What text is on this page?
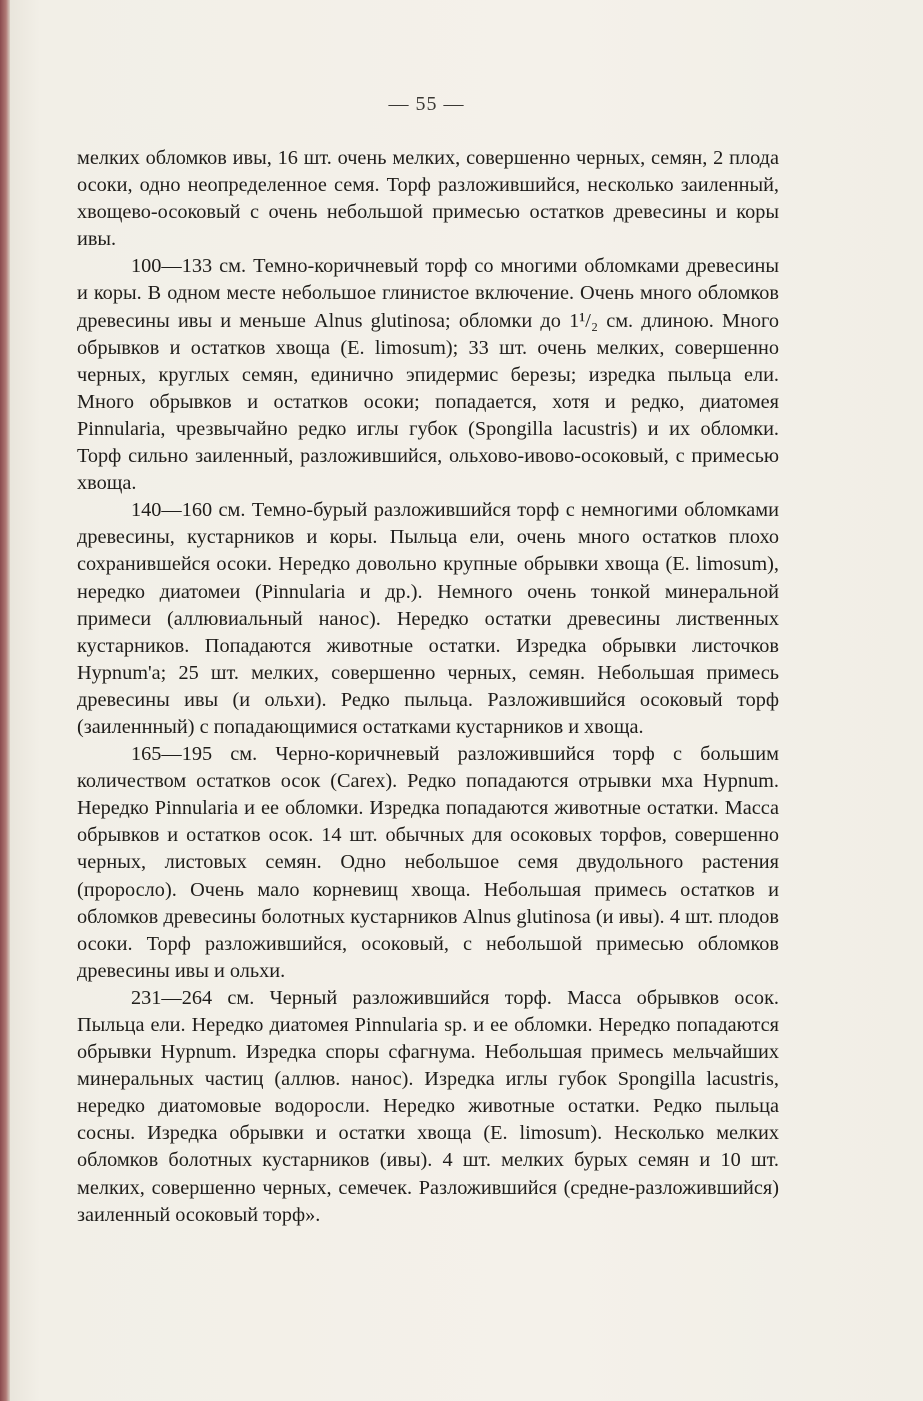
— 55 —

мелких обломков ивы, 16 шт. очень мелких, совершенно черных, семян, 2 плода осоки, одно неопределенное семя. Торф разложившийся, несколько заиленный, хвощево-осоковый с очень небольшой примесью остатков древесины и коры ивы.

100—133 см. Темно-коричневый торф со многими обломками древесины и коры. В одном месте небольшое глинистое включение. Очень много обломков древесины ивы и меньше Alnus glutinosa; обломки до 1¹/₂ см. длиною. Много обрывков и остатков хвоща (E. limosum); 33 шт. очень мелких, совершенно черных, круглых семян, единично эпидермис березы; изредка пыльца ели. Много обрывков и остатков осоки; попадается, хотя и редко, диатомея Pinnularia, чрезвычайно редко иглы губок (Spongilla lacustris) и их обломки. Торф сильно заиленный, разложившийся, ольховo-ивово-осоковый, с примесью хвоща.

140—160 см. Темно-бурый разложившийся торф с немногими обломками древесины, кустарников и коры. Пыльца ели, очень много остатков плохо сохранившейся осоки. Нередко довольно крупные обрывки хвоща (E. limosum), нередко диатомеи (Pinnularia и др.). Немного очень тонкой минеральной примеси (аллювиальный нанос). Нередко остатки древесины лиственных кустарников. Попадаются животные остатки. Изредка обрывки листочков Hypnum'a; 25 шт. мелких, совершенно черных, семян. Небольшая примесь древесины ивы (и ольхи). Редко пыльца. Разложившийся осоковый торф (заиленнный) с попадающимися остатками кустарников и хвоща.

165—195 см. Черно-коричневый разложившийся торф с большим количеством остатков осок (Carex). Редко попадаются отрывки мха Hypnum. Нередко Pinnularia и ее обломки. Изредка попадаются животные остатки. Масса обрывков и остатков осок. 14 шт. обычных для осоковых торфов, совершенно черных, листовых семян. Одно небольшое семя двудольного растения (проросло). Очень мало корневищ хвоща. Небольшая примесь остатков и обломков древесины болотных кустарников Alnus glutinosa (и ивы). 4 шт. плодов осоки. Торф разложившийся, осоковый, с небольшой примесью обломков древесины ивы и ольхи.

231—264 см. Черный разложившийся торф. Масса обрывков осок. Пыльца ели. Нередко диатомея Pinnularia sp. и ее обломки. Нередко попадаются обрывки Hypnum. Изредка споры сфагнума. Небольшая примесь мельчайших минеральных частиц (аллюв. нанос). Изредка иглы губок Spongilla lacustris, нередко диатомовые водоросли. Нередко животные остатки. Редко пыльца сосны. Изредка обрывки и остатки хвоща (E. limosum). Несколько мелких обломков болотных кустарников (ивы). 4 шт. мелких бурых семян и 10 шт. мелких, совершенно черных, семечек. Разложившийся (средне-разложившийся) заиленный осоковый торф».
